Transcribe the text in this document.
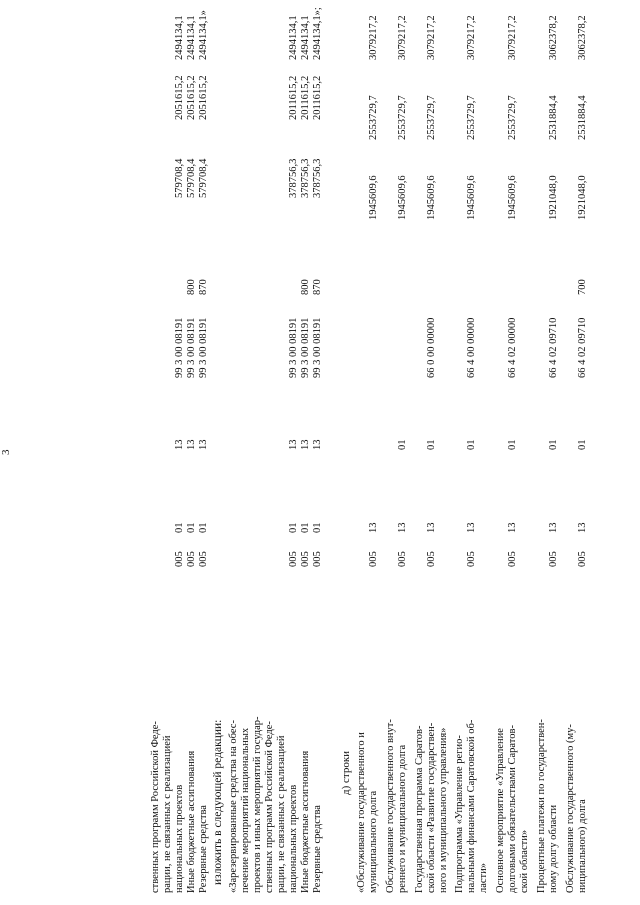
3
ственных программ Российской Феде- рации, не связанных с реализацией национальных проектов Иные бюджетные ассигнования Резервные средства
005
01
13
99 3 00 08191
579708,4
2051615,2
2494134,1
005
01
13
99 3 00 08191
800
579708,4
2051615,2
2494134,1
005
01
13
99 3 00 08191
870
579708,4
2051615,2
2494134,1»
изложить в следующей редакции: «Зарезервированные средства на обес- печение мероприятий национальных проектов и иных мероприятий государ- ственных программ Российской Феде- рации, не связанных с реализацией национальных проектов Иные бюджетные ассигнования Резервные средства
005
01
13
99 3 00 08191
378756,3
2011615,2
2494134,1
005
01
13
99 3 00 08191
800
378756,3
2011615,2
2494134,1
005
01
13
99 3 00 08191
870
378756,3
2011615,2
2494134,1»;
д) строки «Обслуживание государственного и муниципального долга
005
13
1945609,6
2553729,7
3079217,2
Обслуживание государственного внут- реннего и муниципального долга
005
13
01
1945609,6
2553729,7
3079217,2
Государственная программа Саратов- ской области «Развитие государствен- ного и муниципального управления»
005
13
01
66 0 00 00000
1945609,6
2553729,7
3079217,2
Подпрограмма «Управление регио- нальными финансами Саратовской об- ласти»
005
13
01
66 4 00 00000
1945609,6
2553729,7
3079217,2
Основное мероприятие «Управление долговыми обязательствами Саратов- ской области»
005
13
01
66 4 02 00000
1945609,6
2553729,7
3079217,2
Процентные платежи по государствен- ному долгу области
005
13
01
66 4 02 09710
1921048,0
2531884,4
3062378,2
Обслуживание государственного (му- ниципального) долга
005
13
01
66 4 02 09710
700
1921048,0
2531884,4
3062378,2
